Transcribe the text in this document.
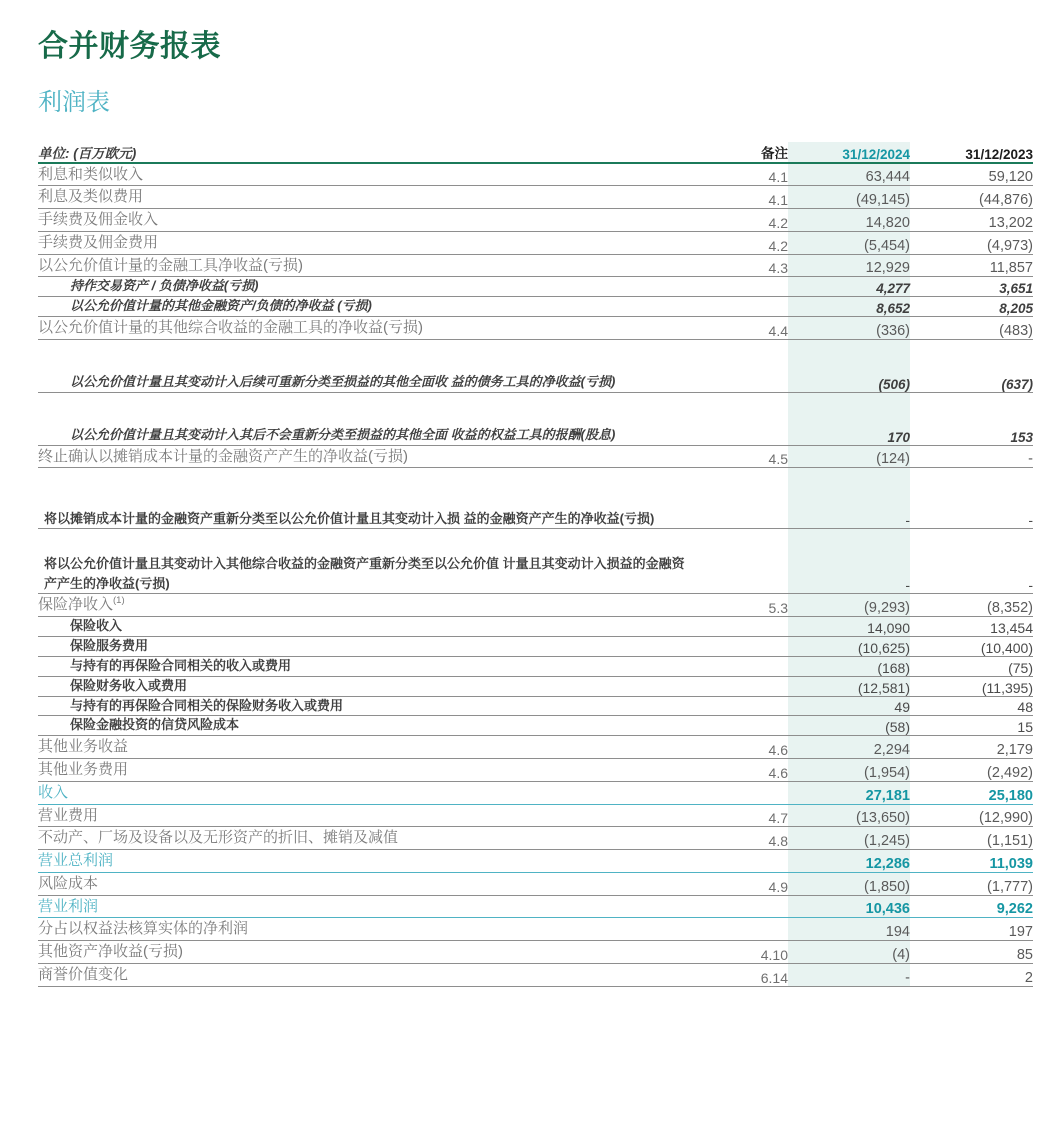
合并财务报表
利润表
单位: (百万欧元)	备注	31/12/2024	31/12/2023
利息和类似收入	4.1	63,444	59,120
利息及类似费用	4.1	(49,145)	(44,876)
手续费及佣金收入	4.2	14,820	13,202
手续费及佣金费用	4.2	(5,454)	(4,973)
以公允价值计量的金融工具净收益(亏损)	4.3	12,929	11,857
持作交易资产 / 负债净收益(亏损)		4,277	3,651
以公允价值计量的其他金融资产/负债的净收益 (亏损)		8,652	8,205
以公允价值计量的其他综合收益的金融工具的净收益(亏损)	4.4	(336)	(483)
以公允价值计量且其变动计入后续可重新分类至损益的其他全面收 益的债务工具的净收益(亏损)		(506)	(637)
以公允价值计量且其变动计入其后不会重新分类至损益的其他全面 收益的权益工具的报酬(股息)		170	153
终止确认以摊销成本计量的金融资产产生的净收益(亏损)	4.5	(124)	-
将以摊销成本计量的金融资产重新分类至以公允价值计量且其变动计入损 益的金融资产产生的净收益(亏损)		-	-
将以公允价值计量且其变动计入其他综合收益的金融资产重新分类至以公允价值 计量且其变动计入损益的金融资产产生的净收益(亏损)		-	-
保险净收入$^{(1)}$	5.3	(9,293)	(8,352)
保险收入		14,090	13,454
保险服务费用		(10,625)	(10,400)
与持有的再保险合同相关的收入或费用		(168)	(75)
保险财务收入或费用		(12,581)	(11,395)
与持有的再保险合同相关的保险财务收入或费用		49	48
保险金融投资的信贷风险成本		(58)	15
其他业务收益	4.6	2,294	2,179
其他业务费用	4.6	(1,954)	(2,492)
收入		27,181	25,180
营业费用	4.7	(13,650)	(12,990)
不动产、厂场及设备以及无形资产的折旧、摊销及减值	4.8	(1,245)	(1,151)
营业总利润		12,286	11,039
风险成本	4.9	(1,850)	(1,777)
营业利润		10,436	9,262
分占以权益法核算实体的净利润		194	197
其他资产净收益(亏损)	4.10	(4)	85
商誉价值变化	6.14	-	2
